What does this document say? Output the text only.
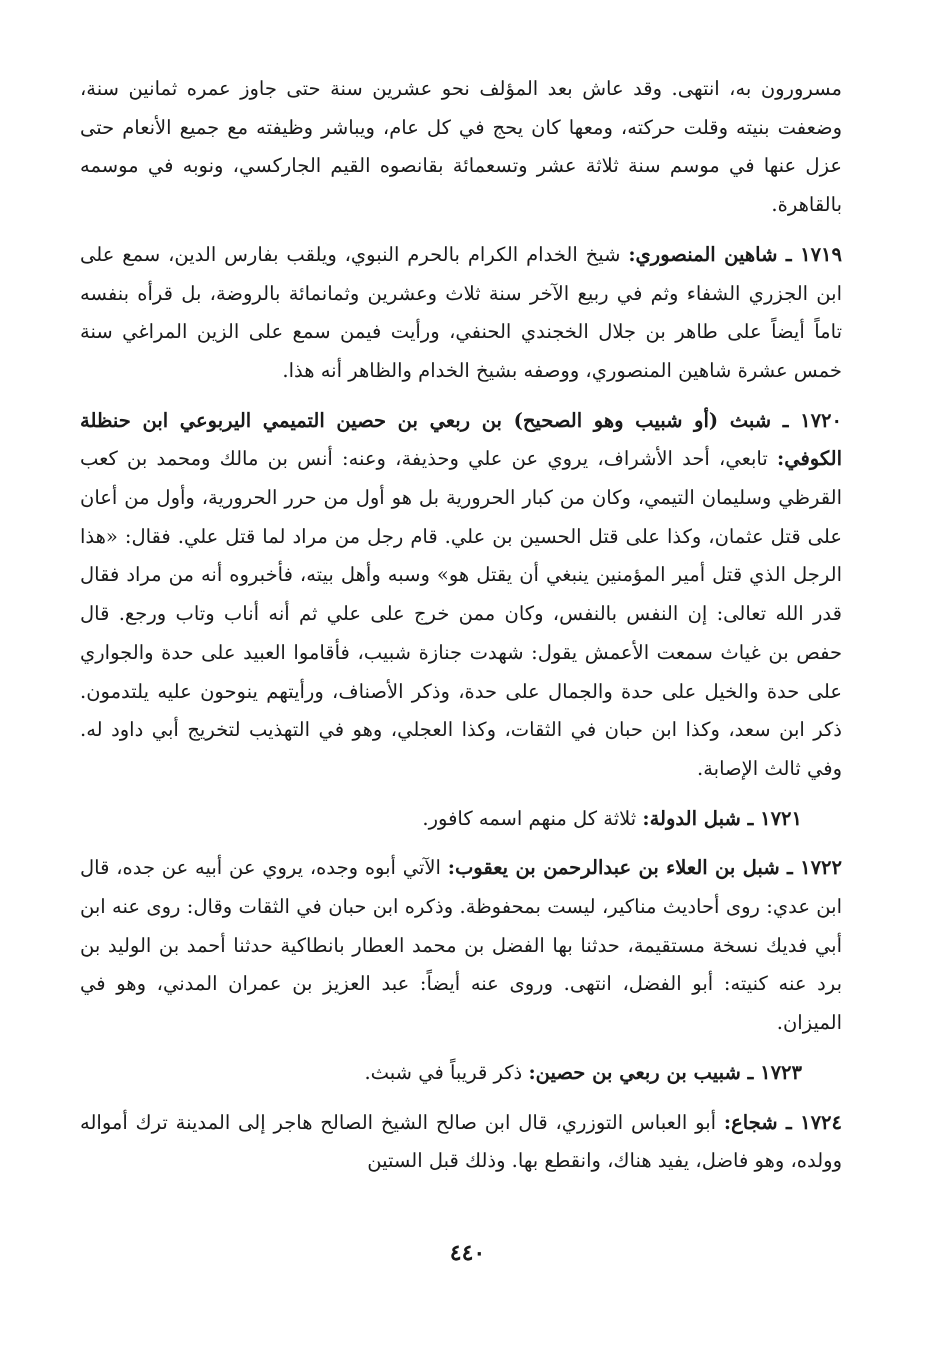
مسرورون به، انتهى. وقد عاش بعد المؤلف نحو عشرين سنة حتى جاوز عمره ثمانين سنة، وضعفت بنيته وقلت حركته، ومعها كان يحج في كل عام، ويباشر وظيفته مع جميع الأنعام حتى عزل عنها في موسم سنة ثلاثة عشر وتسعمائة بقانصوه القيم الجاركسي، ونوبه في موسمه بالقاهرة.

١٧١٩ ـ شاهين المنصوري: شيخ الخدام الكرام بالحرم النبوي، ويلقب بفارس الدين، سمع على ابن الجزري الشفاء وثم في ربيع الآخر سنة ثلاث وعشرين وثمانمائة بالروضة، بل قرأه بنفسه تاماً أيضاً على طاهر بن جلال الخجندي الحنفي، ورأيت فيمن سمع على الزين المراغي سنة خمس عشرة شاهين المنصوري، ووصفه بشيخ الخدام والظاهر أنه هذا.

١٧٢٠ ـ شبث (أو شبيب وهو الصحيح) بن ربعي بن حصين التميمي اليربوعي ابن حنظلة الكوفي: تابعي، أحد الأشراف، يروي عن علي وحذيفة، وعنه: أنس بن مالك ومحمد بن كعب القرظي وسليمان التيمي، وكان من كبار الحرورية بل هو أول من حرر الحرورية، وأول من أعان على قتل عثمان، وكذا على قتل الحسين بن علي. قام رجل من مراد لما قتل علي. فقال: «هذا الرجل الذي قتل أمير المؤمنين ينبغي أن يقتل هو» وسبه وأهل بيته، فأخبروه أنه من مراد فقال قدر الله تعالى: إن النفس بالنفس، وكان ممن خرج على علي ثم أنه أناب وتاب ورجع. قال حفص بن غياث سمعت الأعمش يقول: شهدت جنازة شبيب، فأقاموا العبيد على حدة والجواري على حدة والخيل على حدة والجمال على حدة، وذكر الأصناف، ورأيتهم ينوحون عليه يلتدمون. ذكر ابن سعد، وكذا ابن حبان في الثقات، وكذا العجلي، وهو في التهذيب لتخريج أبي داود له. وفي ثالث الإصابة.

١٧٢١ ـ شبل الدولة: ثلاثة كل منهم اسمه كافور.

١٧٢٢ ـ شبل بن العلاء بن عبدالرحمن بن يعقوب: الآتي أبوه وجده، يروي عن أبيه عن جده، قال ابن عدي: روى أحاديث مناكير، ليست بمحفوظة. وذكره ابن حبان في الثقات وقال: روى عنه ابن أبي فديك نسخة مستقيمة، حدثنا بها الفضل بن محمد العطار بانطاكية حدثنا أحمد بن الوليد بن برد عنه كنيته: أبو الفضل، انتهى. وروى عنه أيضاً: عبد العزيز بن عمران المدني، وهو في الميزان.

١٧٢٣ ـ شبيب بن ربعي بن حصين: ذكر قريباً في شبث.

١٧٢٤ ـ شجاع: أبو العباس التوزري، قال ابن صالح الشيخ الصالح هاجر إلى المدينة ترك أمواله وولده، وهو فاضل، يفيد هناك، وانقطع بها. وذلك قبل الستين

٤٤٠
